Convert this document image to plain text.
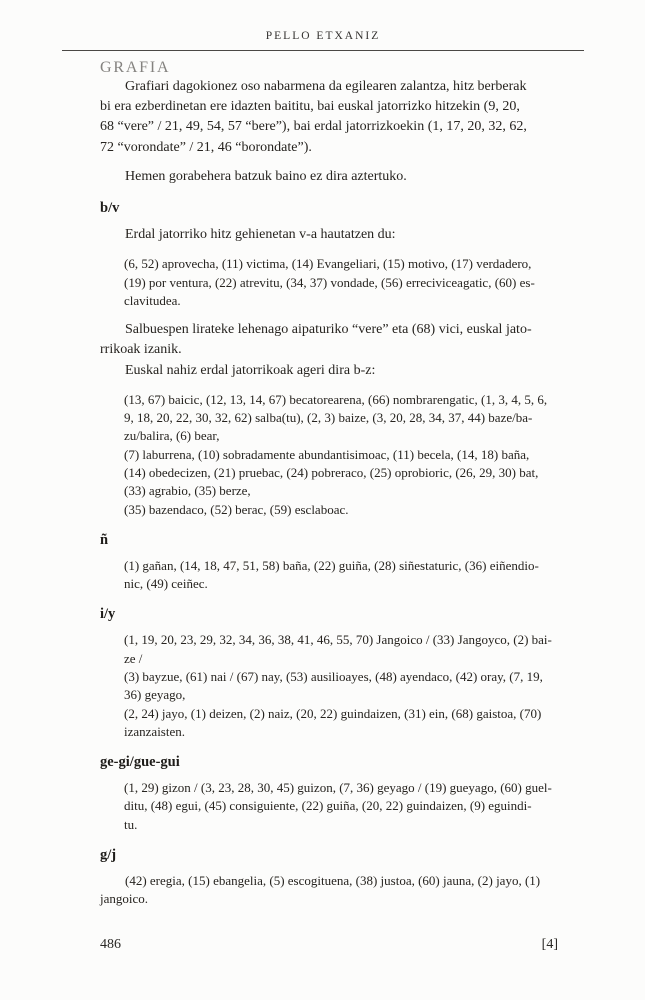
PELLO ETXANIZ
GRAFIA
Grafiari dagokionez oso nabarmena da egilearen zalantza, hitz berberak
bi era ezberdinetan ere idazten baititu, bai euskal jatorrizko hitzekin (9, 20,
68 “vere” / 21, 49, 54, 57 “bere”), bai erdal jatorrizkoekin (1, 17, 20, 32, 62,
72 “vorondate” / 21, 46 “borondate”).
Hemen gorabehera batzuk baino ez dira aztertuko.
b/v
Erdal jatorriko hitz gehienetan v-a hautatzen du:
(6, 52) aprovecha, (11) victima, (14) Evangeliari, (15) motivo, (17) verdadero,
(19) por ventura, (22) atrevitu, (34, 37) vondade, (56) erreciviceagatic, (60) es-
clavitudea.
Salbuespen lirateke lehenago aipaturiko “vere” eta (68) vici, euskal jato-
rrikoak izanik.
Euskal nahiz erdal jatorrikoak ageri dira b-z:
(13, 67) baicic, (12, 13, 14, 67) becatorearena, (66) nombrarengatic, (1, 3, 4, 5, 6,
9, 18, 20, 22, 30, 32, 62) salba(tu), (2, 3) baize, (3, 20, 28, 34, 37, 44) baze/ba-
zu/balira, (6) bear,
(7) laburrena, (10) sobradamente abundantisimoac, (11) becela, (14, 18) baña,
(14) obedecizen, (21) pruebac, (24) pobreraco, (25) oprobioric, (26, 29, 30) bat,
(33) agrabio, (35) berze,
(35) bazendaco, (52) berac, (59) esclaboac.
ñ
(1) gañan, (14, 18, 47, 51, 58) baña, (22) guiña, (28) siñestaturic, (36) eiñendio-
nic, (49) ceiñec.
i/y
(1, 19, 20, 23, 29, 32, 34, 36, 38, 41, 46, 55, 70) Jangoico / (33) Jangoyco, (2) bai-
ze /
(3) bayzue, (61) nai / (67) nay, (53) ausilioayes, (48) ayendaco, (42) oray, (7, 19,
36) geyago,
(2, 24) jayo, (1) deizen, (2) naiz, (20, 22) guindaizen, (31) ein, (68) gaistoa, (70)
izanzaisten.
ge-gi/gue-gui
(1, 29) gizon / (3, 23, 28, 30, 45) guizon, (7, 36) geyago / (19) gueyago, (60) guel-
ditu, (48) egui, (45) consiguiente, (22) guiña, (20, 22) guindaizen, (9) eguindi-
tu.
g/j
(42) eregia, (15) ebangelia, (5) escogituena, (38) justoa, (60) jauna, (2) jayo, (1)
jangoico.
486	[4]
